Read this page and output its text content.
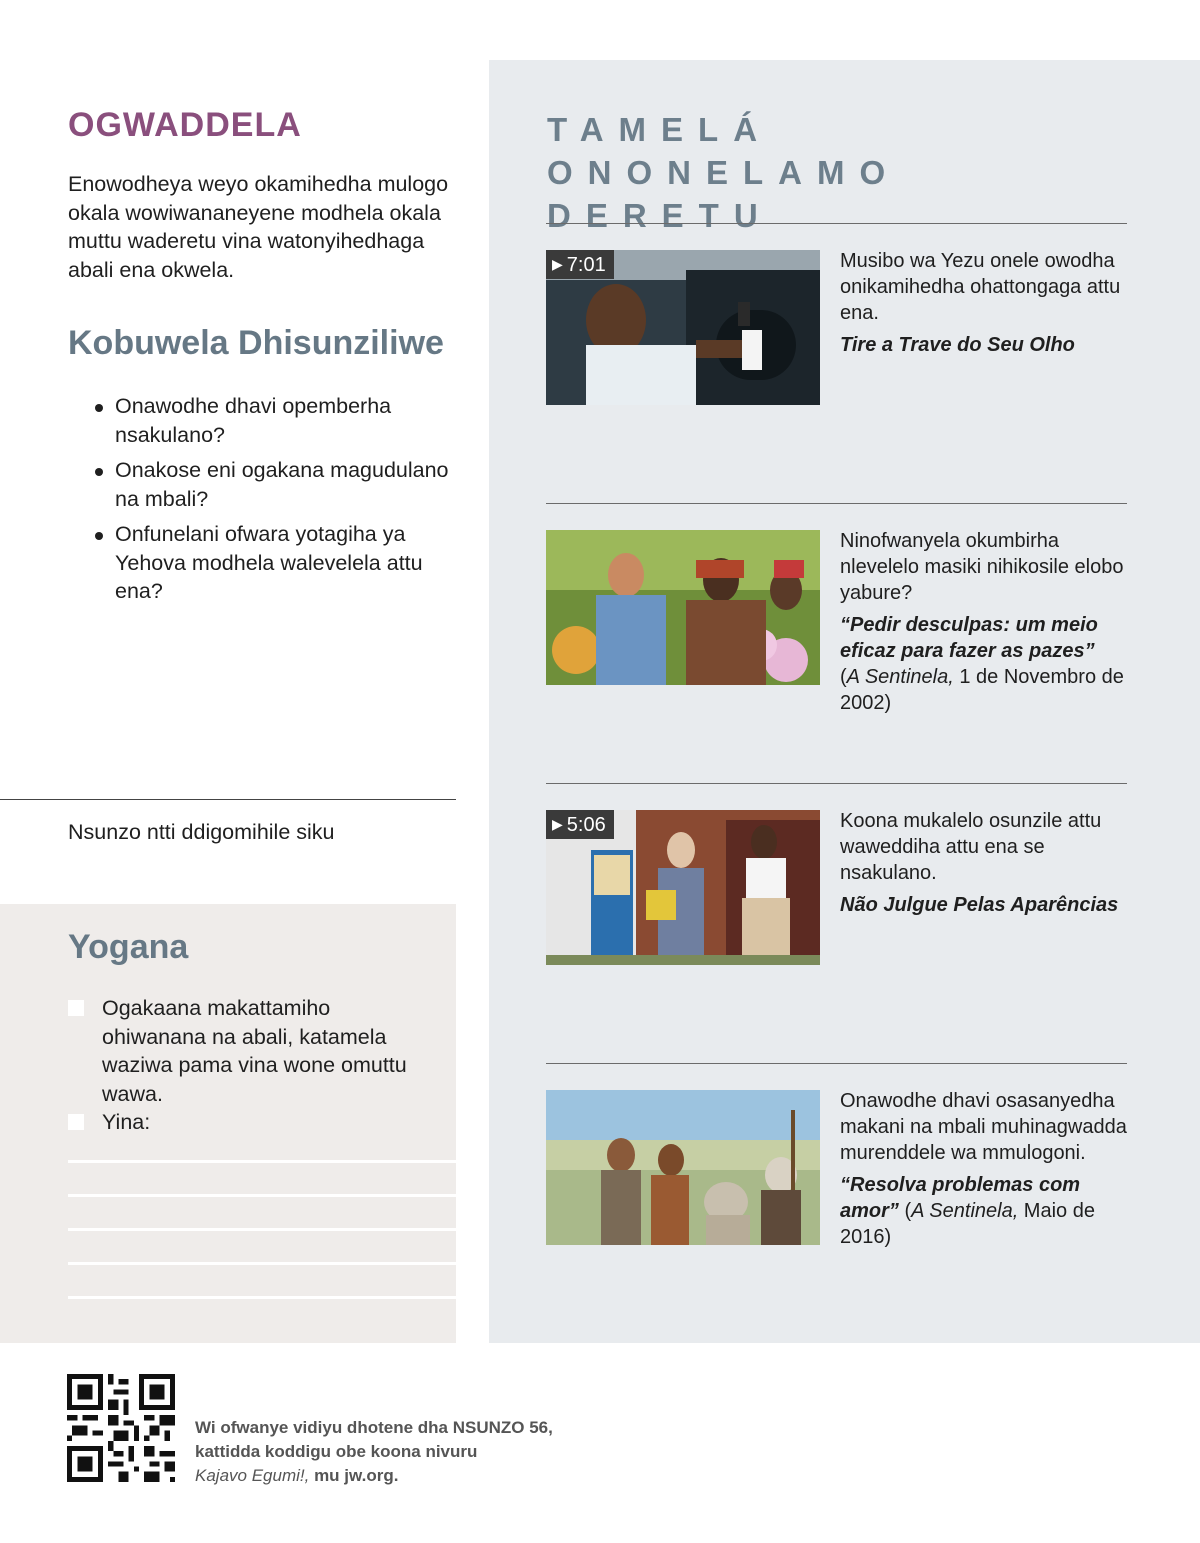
OGWADDELA

Enowodheya weyo okamihedha mulogo okala wowiwananeyene modhela okala muttu waderetu vina watonyihedhaga abali ena okwela.

Kobuwela Dhisunziliwe
Onawodhe dhavi opemberha nsakulano?
Onakose eni ogakana magudulano na mbali?
Onfunelani ofwara yotagiha ya Yehova modhela walevelela attu ena?
Nsunzo ntti ddigomihile siku
Yogana
Ogakaana makattamiho ohiwanana na abali, katamela waziwa pama vina wone omuttu wawa.
Yina:
TAMELÁ ONONELAMO DERETU
▶ 7:01	Musibo wa Yezu onele owodha onikamihedha ohattongaga attu ena.

Tire a Trave do Seu Olho

Ninofwanyela okumbirha nlevelelo masiki nihikosile elobo yabure?

“Pedir desculpas: um meio eficaz para fazer as pazes”
(A Sentinela, 1 de Novembro de 2002)

▶ 5:06	Koona mukalelo osunzile attu waweddiha attu ena se nsakulano.

Não Julgue Pelas Aparências

Onawodhe dhavi osasanyedha makani na mbali muhinagwadda murenddele wa mmulogoni.

“Resolva problemas com amor” (A Sentinela, Maio de 2016)

Wi ofwanye vidiyu dhotene dha NSUNZO 56,
kattidda koddigu obe koona nivuru
Kajavo Egumi!, mu jw.org.
